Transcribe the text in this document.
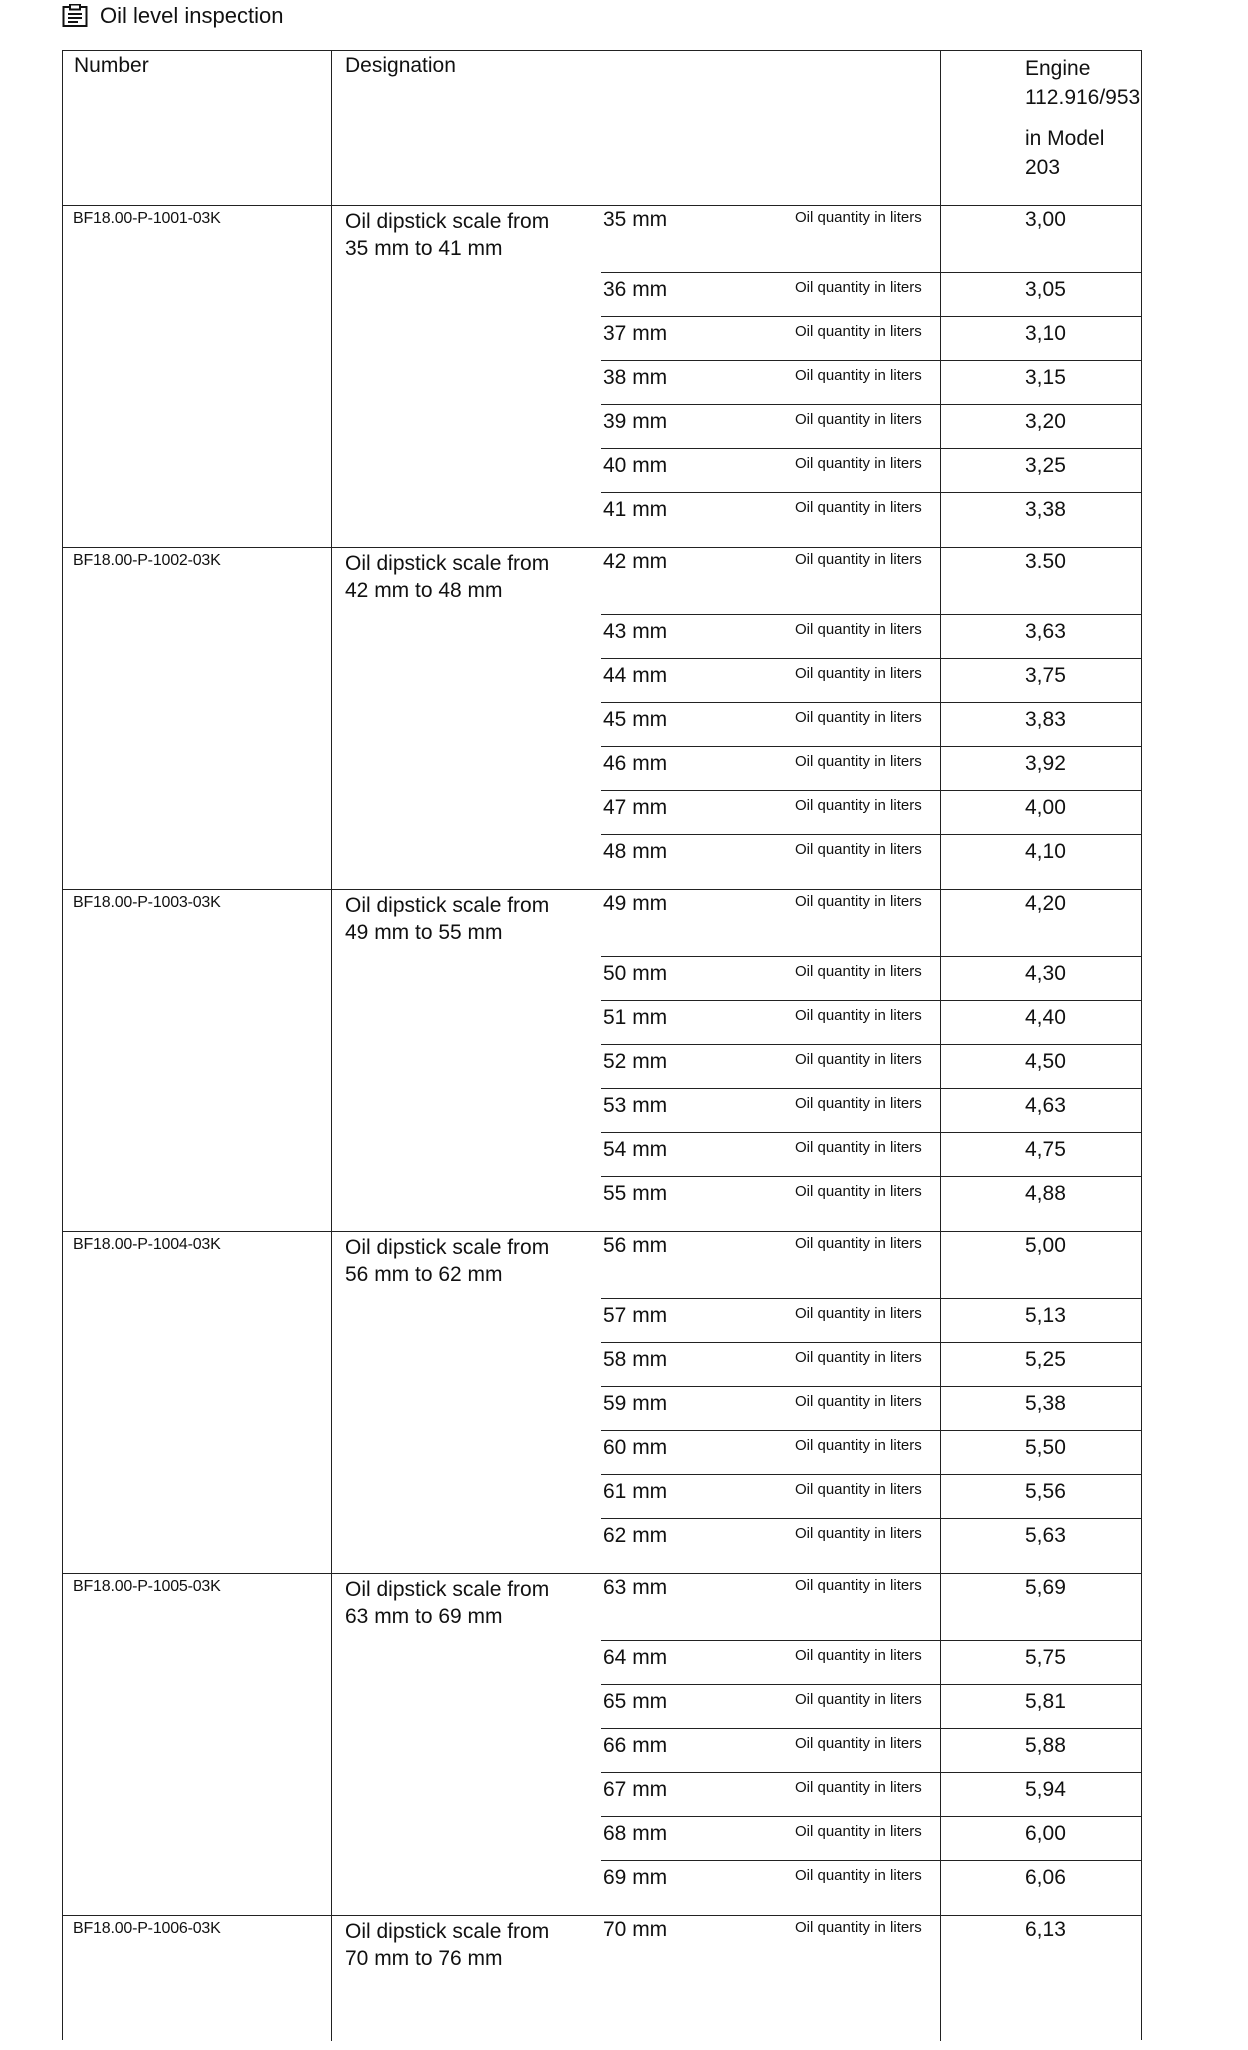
Oil level inspection
Number	Designation	Engine
112.916/953
in Model 203
BF18.00-P-1001-03K	Oil dipstick scale from
35 mm to 41 mm
35 mm	Oil quantity in liters	3,00
36 mm	Oil quantity in liters	3,05
37 mm	Oil quantity in liters	3,10
38 mm	Oil quantity in liters	3,15
39 mm	Oil quantity in liters	3,20
40 mm	Oil quantity in liters	3,25
41 mm	Oil quantity in liters	3,38
BF18.00-P-1002-03K	Oil dipstick scale from
42 mm to 48 mm
42 mm	Oil quantity in liters	3.50
43 mm	Oil quantity in liters	3,63
44 mm	Oil quantity in liters	3,75
45 mm	Oil quantity in liters	3,83
46 mm	Oil quantity in liters	3,92
47 mm	Oil quantity in liters	4,00
48 mm	Oil quantity in liters	4,10
BF18.00-P-1003-03K	Oil dipstick scale from
49 mm to 55 mm
49 mm	Oil quantity in liters	4,20
50 mm	Oil quantity in liters	4,30
51 mm	Oil quantity in liters	4,40
52 mm	Oil quantity in liters	4,50
53 mm	Oil quantity in liters	4,63
54 mm	Oil quantity in liters	4,75
55 mm	Oil quantity in liters	4,88
BF18.00-P-1004-03K	Oil dipstick scale from
56 mm to 62 mm
56 mm	Oil quantity in liters	5,00
57 mm	Oil quantity in liters	5,13
58 mm	Oil quantity in liters	5,25
59 mm	Oil quantity in liters	5,38
60 mm	Oil quantity in liters	5,50
61 mm	Oil quantity in liters	5,56
62 mm	Oil quantity in liters	5,63
BF18.00-P-1005-03K	Oil dipstick scale from
63 mm to 69 mm
63 mm	Oil quantity in liters	5,69
64 mm	Oil quantity in liters	5,75
65 mm	Oil quantity in liters	5,81
66 mm	Oil quantity in liters	5,88
67 mm	Oil quantity in liters	5,94
68 mm	Oil quantity in liters	6,00
69 mm	Oil quantity in liters	6,06
BF18.00-P-1006-03K	Oil dipstick scale from
70 mm to 76 mm
70 mm	Oil quantity in liters	6,13
